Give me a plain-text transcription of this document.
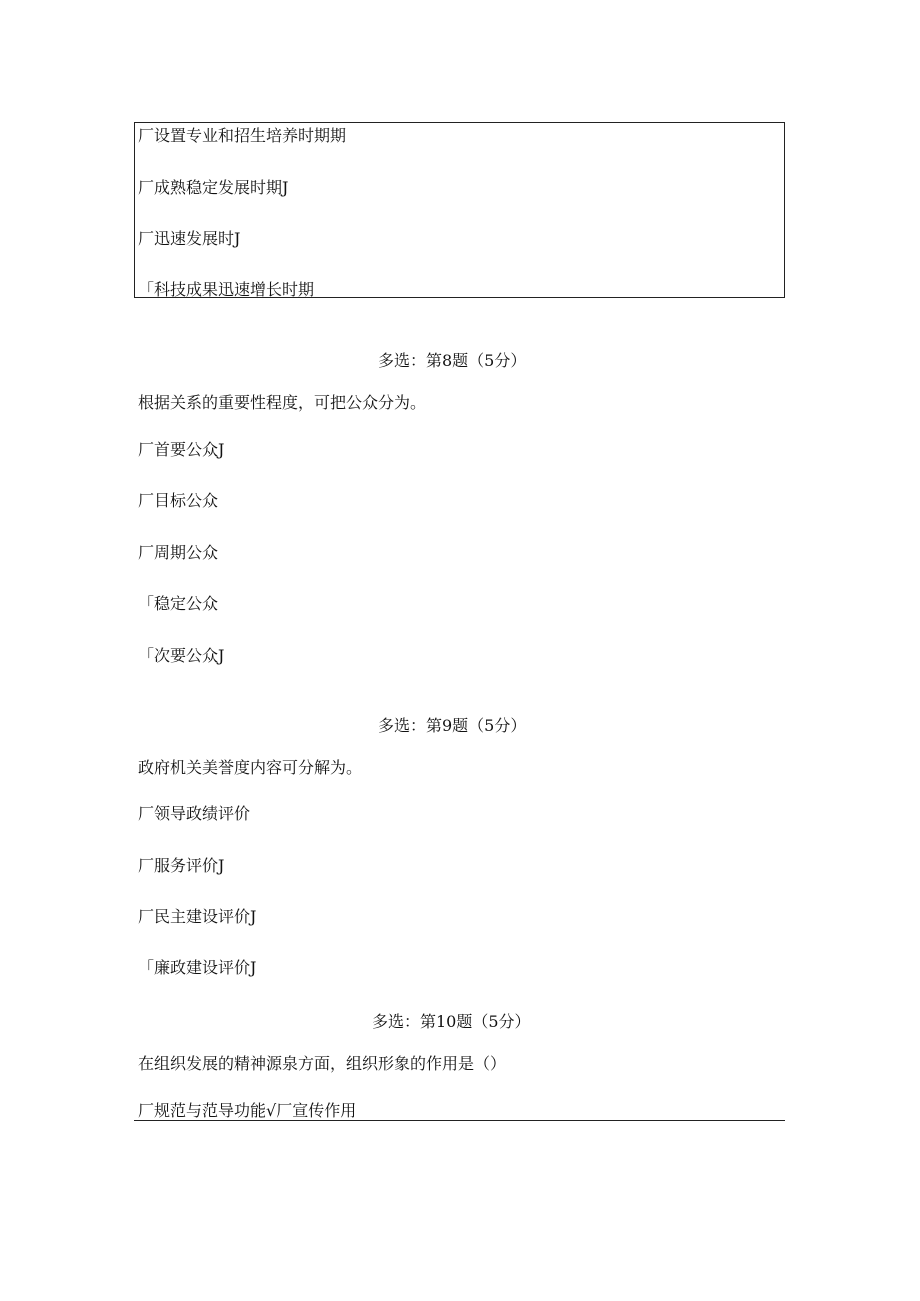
厂设置专业和招生培养时期期
厂成熟稳定发展时期J
厂迅速发展时J
「科技成果迅速增长时期
多选：第8题（5分）
根据关系的重要性程度，可把公众分为。
厂首要公众J
厂目标公众
厂周期公众
「稳定公众
「次要公众J
多选：第9题（5分）
政府机关美誉度内容可分解为。
厂领导政绩评价
厂服务评价J
厂民主建设评价J
「廉政建设评价J
多选：第10题（5分）
在组织发展的精神源泉方面，组织形象的作用是（）
厂规范与范导功能√厂宣传作用
